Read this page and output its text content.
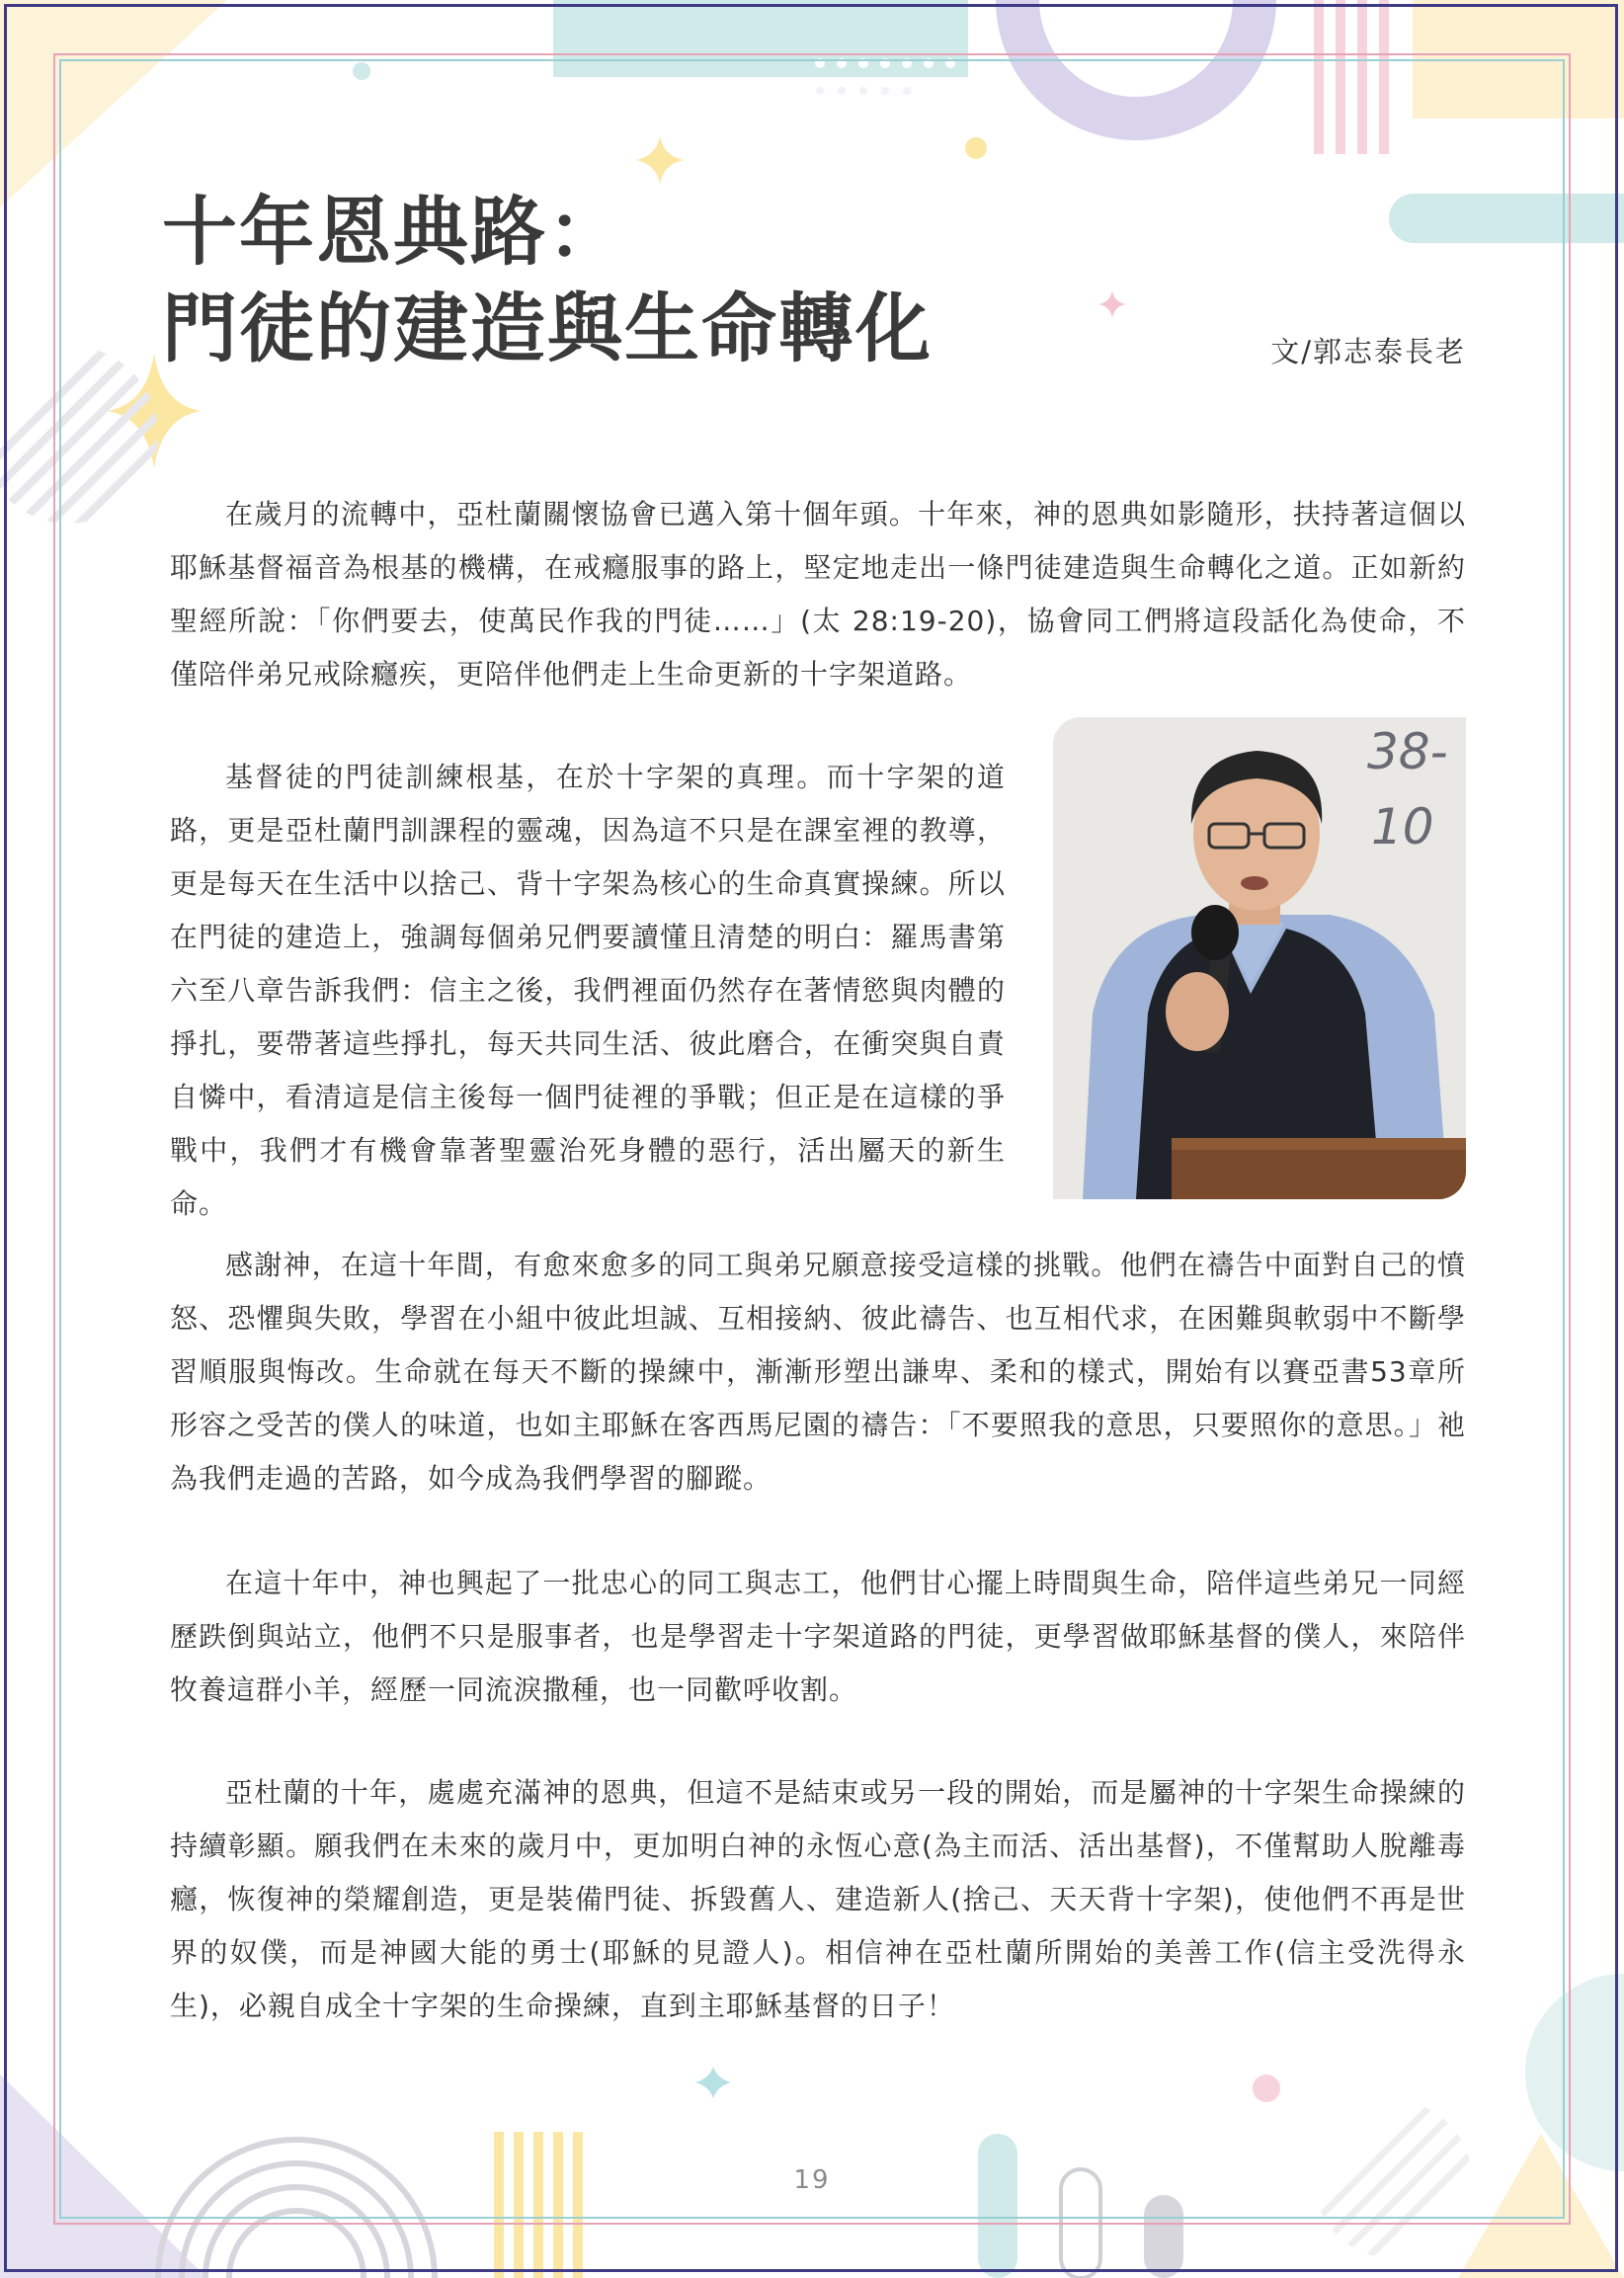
十年恩典路：
門徒的建造與生命轉化	文/郭志泰長老

在歲月的流轉中，亞杜蘭關懷協會已邁入第十個年頭。十年來，神的恩典如影隨形，扶持著這個以耶穌基督福音為根基的機構，在戒癮服事的路上，堅定地走出一條門徒建造與生命轉化之道。正如新約聖經所說：「你們要去，使萬民作我的門徒……」(太 28:19-20)，協會同工們將這段話化為使命，不僅陪伴弟兄戒除癮疾，更陪伴他們走上生命更新的十字架道路。

基督徒的門徒訓練根基，在於十字架的真理。而十字架的道路，更是亞杜蘭門訓課程的靈魂，因為這不只是在課室裡的教導，更是每天在生活中以捨己、背十字架為核心的生命真實操練。所以在門徒的建造上，強調每個弟兄們要讀懂且清楚的明白：羅馬書第六至八章告訴我們：信主之後，我們裡面仍然存在著情慾與肉體的掙扎，要帶著這些掙扎，每天共同生活、彼此磨合，在衝突與自責自憐中，看清這是信主後每一個門徒裡的爭戰；但正是在這樣的爭戰中，我們才有機會靠著聖靈治死身體的惡行，活出屬天的新生命。

感謝神，在這十年間，有愈來愈多的同工與弟兄願意接受這樣的挑戰。他們在禱告中面對自己的憤怒、恐懼與失敗，學習在小組中彼此坦誠、互相接納、彼此禱告、也互相代求，在困難與軟弱中不斷學習順服與悔改。生命就在每天不斷的操練中，漸漸形塑出謙卑、柔和的樣式，開始有以賽亞書53章所形容之受苦的僕人的味道，也如主耶穌在客西馬尼園的禱告：「不要照我的意思，只要照你的意思。」祂為我們走過的苦路，如今成為我們學習的腳蹤。

在這十年中，神也興起了一批忠心的同工與志工，他們甘心擺上時間與生命，陪伴這些弟兄一同經歷跌倒與站立，他們不只是服事者，也是學習走十字架道路的門徒，更學習做耶穌基督的僕人，來陪伴牧養這群小羊，經歷一同流淚撒種，也一同歡呼收割。

亞杜蘭的十年，處處充滿神的恩典，但這不是結束或另一段的開始，而是屬神的十字架生命操練的持續彰顯。願我們在未來的歲月中，更加明白神的永恆心意(為主而活、活出基督)，不僅幫助人脫離毒癮，恢復神的榮耀創造，更是裝備門徒、拆毀舊人、建造新人(捨己、天天背十字架)，使他們不再是世界的奴僕，而是神國大能的勇士(耶穌的見證人)。相信神在亞杜蘭所開始的美善工作(信主受洗得永生)，必親自成全十字架的生命操練，直到主耶穌基督的日子！

38-
10
19
